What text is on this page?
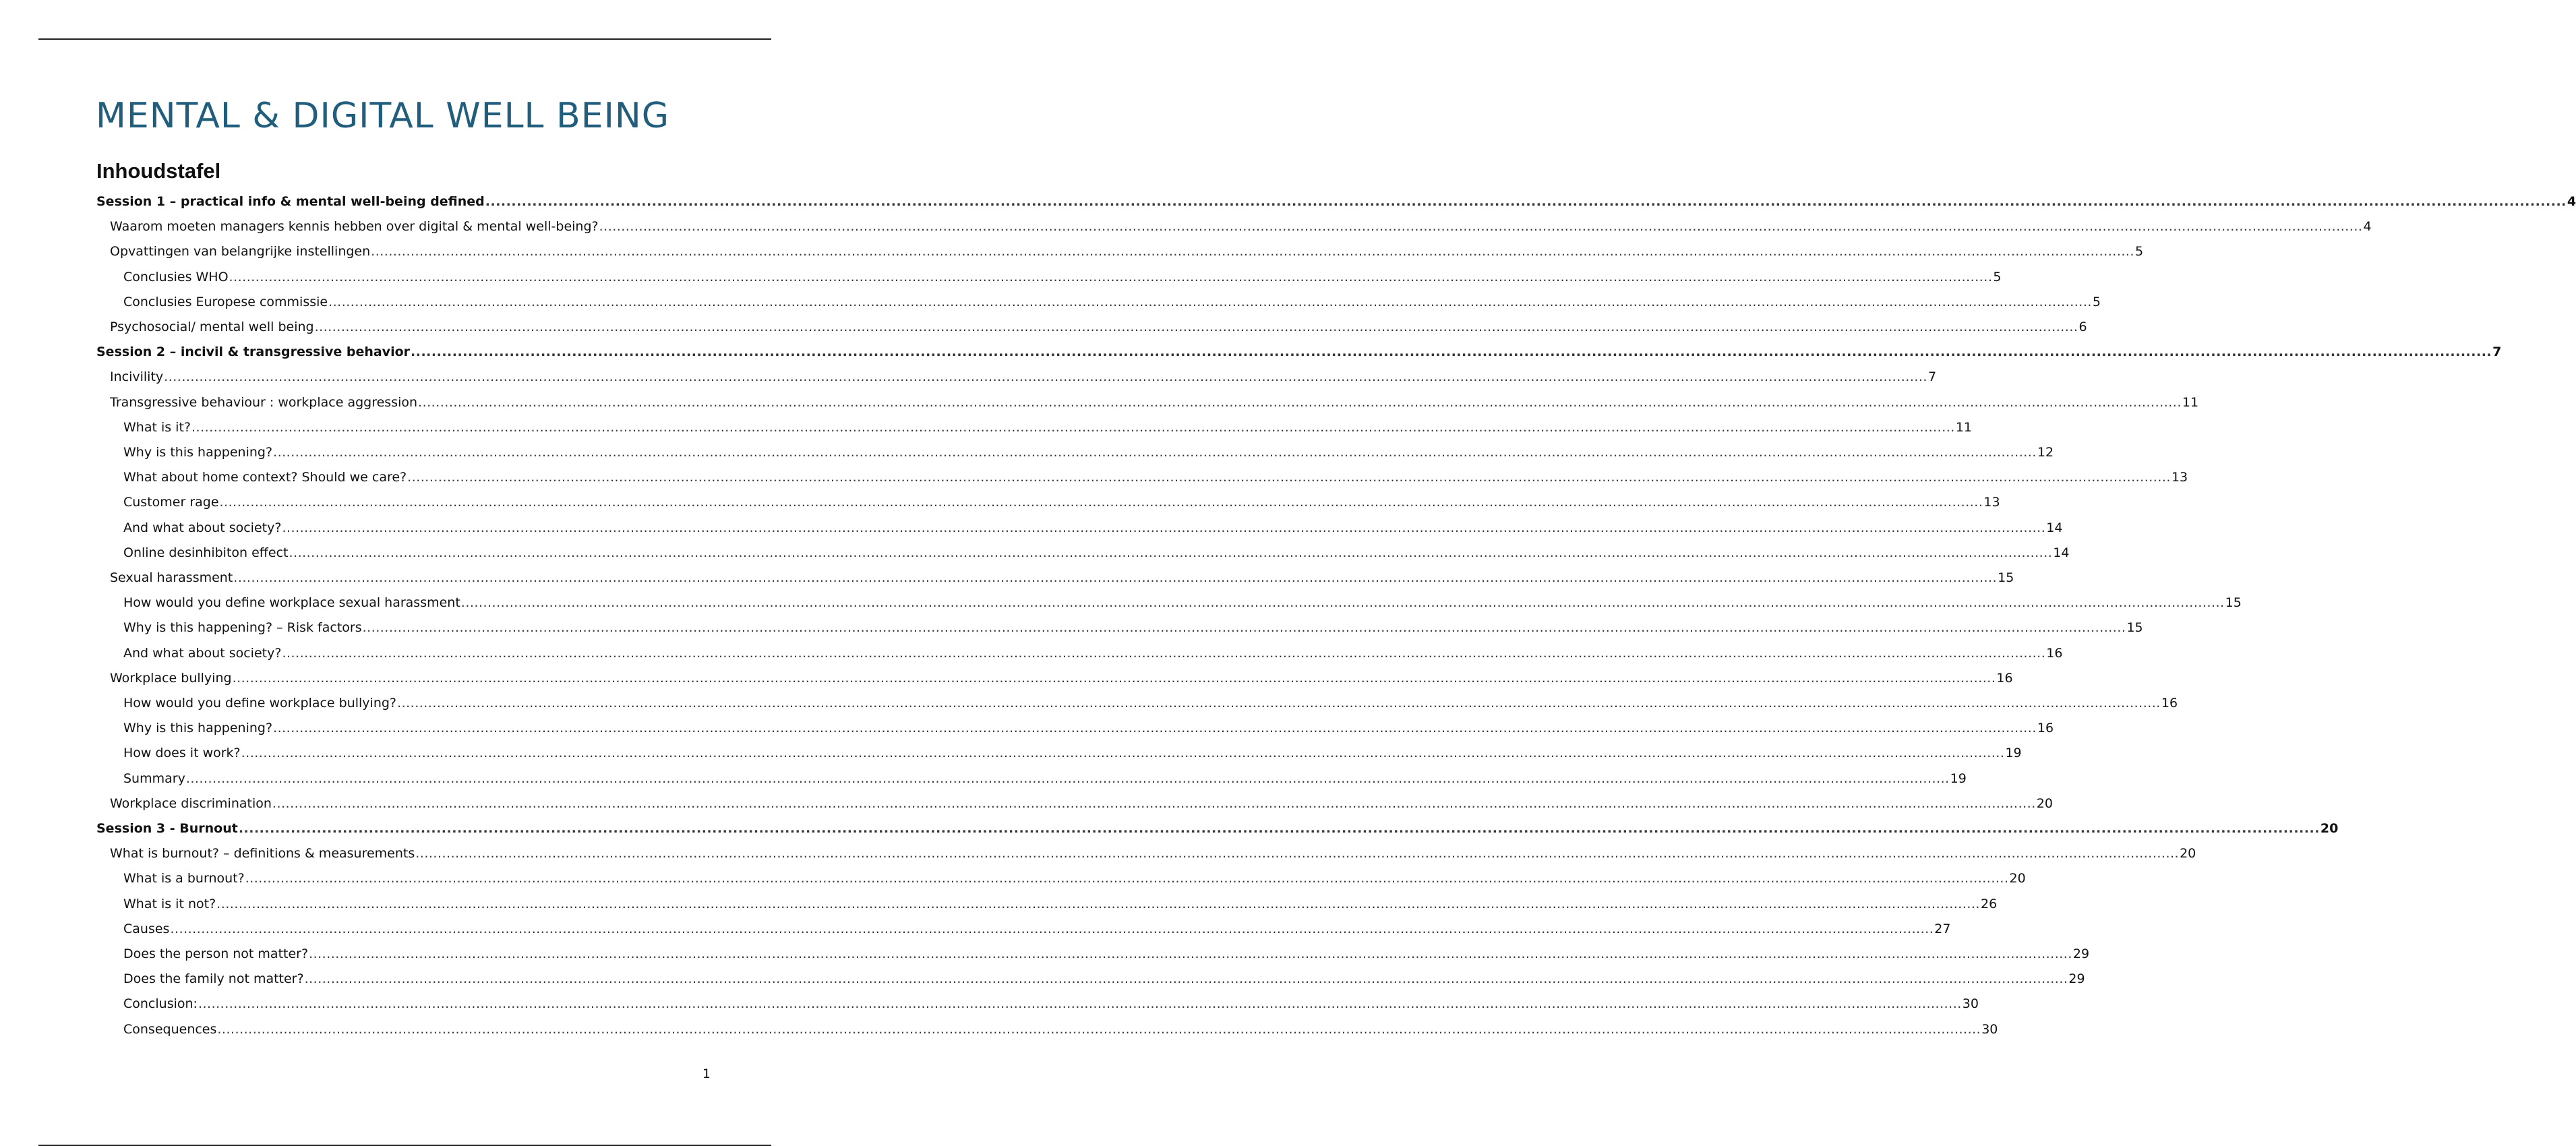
MENTAL & DIGITAL WELL BEING
Inhoudstafel
Session 1 – practical info & mental well-being defined ................................................................................................................................................................................................................................................................................................................................................................................................................ 4
Waarom moeten managers kennis hebben over digital & mental well-being? ................................................................................................................................................................................................................................................................................................................................................................................................................ 4
Opvattingen van belangrijke instellingen ................................................................................................................................................................................................................................................................................................................................................................................................................ 5
Conclusies WHO ................................................................................................................................................................................................................................................................................................................................................................................................................ 5
Conclusies Europese commissie ................................................................................................................................................................................................................................................................................................................................................................................................................ 5
Psychosocial/ mental well being ................................................................................................................................................................................................................................................................................................................................................................................................................ 6
Session 2 – incivil & transgressive behavior ................................................................................................................................................................................................................................................................................................................................................................................................................ 7
Incivility ................................................................................................................................................................................................................................................................................................................................................................................................................ 7
Transgressive behaviour : workplace aggression ................................................................................................................................................................................................................................................................................................................................................................................................................ 11
What is it? ................................................................................................................................................................................................................................................................................................................................................................................................................ 11
Why is this happening? ................................................................................................................................................................................................................................................................................................................................................................................................................ 12
What about home context? Should we care? ................................................................................................................................................................................................................................................................................................................................................................................................................ 13
Customer rage ................................................................................................................................................................................................................................................................................................................................................................................................................ 13
And what about society? ................................................................................................................................................................................................................................................................................................................................................................................................................ 14
Online desinhibiton effect ................................................................................................................................................................................................................................................................................................................................................................................................................ 14
Sexual harassment ................................................................................................................................................................................................................................................................................................................................................................................................................ 15
How would you define workplace sexual harassment ................................................................................................................................................................................................................................................................................................................................................................................................................ 15
Why is this happening? – Risk factors ................................................................................................................................................................................................................................................................................................................................................................................................................ 15
And what about society? ................................................................................................................................................................................................................................................................................................................................................................................................................ 16
Workplace bullying ................................................................................................................................................................................................................................................................................................................................................................................................................ 16
How would you define workplace bullying? ................................................................................................................................................................................................................................................................................................................................................................................................................ 16
Why is this happening? ................................................................................................................................................................................................................................................................................................................................................................................................................ 16
How does it work? ................................................................................................................................................................................................................................................................................................................................................................................................................ 19
Summary ................................................................................................................................................................................................................................................................................................................................................................................................................ 19
Workplace discrimination ................................................................................................................................................................................................................................................................................................................................................................................................................ 20
Session 3 - Burnout ................................................................................................................................................................................................................................................................................................................................................................................................................ 20
What is burnout? – definitions & measurements ................................................................................................................................................................................................................................................................................................................................................................................................................ 20
What is a burnout? ................................................................................................................................................................................................................................................................................................................................................................................................................ 20
What is it not? ................................................................................................................................................................................................................................................................................................................................................................................................................ 26
Causes ................................................................................................................................................................................................................................................................................................................................................................................................................ 27
Does the person not matter? ................................................................................................................................................................................................................................................................................................................................................................................................................ 29
Does the family not matter? ................................................................................................................................................................................................................................................................................................................................................................................................................ 29
Conclusion: ................................................................................................................................................................................................................................................................................................................................................................................................................ 30
Consequences ................................................................................................................................................................................................................................................................................................................................................................................................................ 30
1
